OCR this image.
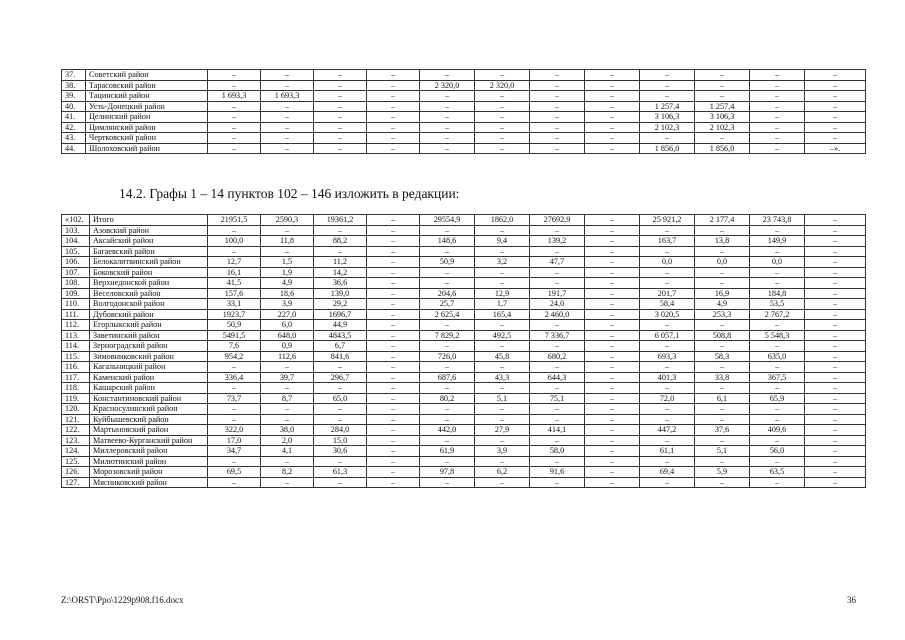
37.	Советский район	–	–	–	–	–	–	–	–	–	–	–	–
38.	Тарасовский район	–	–	–	–	2 320,0	2 320,0	–	–	–	–	–	–
39.	Тацинский район	1 693,3	1 693,3	–	–	–	–	–	–	–	–	–	–
40.	Усть-Донецкий район	–	–	–	–	–	–	–	–	1 257,4	1 257,4	–	–
41.	Целинский район	–	–	–	–	–	–	–	–	3 106,3	3 106,3	–	–
42.	Цимлянский район	–	–	–	–	–	–	–	–	2 102,3	2 102,3	–	–
43.	Чертковский район	–	–	–	–	–	–	–	–	–	–	–	–
44.	Шолоховский район	–	–	–	–	–	–	–	–	1 856,0	1 856,0	–	–».
14.2. Графы 1 – 14 пунктов 102 – 146 изложить в редакции:
«102.	Итого	21951,5	2590,3	19361,2	–	29554,9	1862,0	27692,9	–	25 921,2	2 177,4	23 743,8	–
103.	Азовский район	–	–	–	–	–	–	–	–	–	–	–	–
104.	Аксайский район	100,0	11,8	88,2	–	148,6	9,4	139,2	–	163,7	13,8	149,9	–
105.	Багаевский район	–	–	–	–	–	–	–	–	–	–	–	–
106.	Белокалитвинский район	12,7	1,5	11,2	–	50,9	3,2	47,7	–	0,0	0,0	0,0	–
107.	Боковский район	16,1	1,9	14,2	–	–	–	–	–	–	–	–	–
108.	Верхнедонской район	41,5	4,9	36,6	–	–	–	–	–	–	–	–	–
109.	Веселовский район	157,6	18,6	139,0	–	204,6	12,9	191,7	–	201,7	16,9	184,8	–
110.	Волгодонской район	33,1	3,9	29,2	–	25,7	1,7	24,0	–	58,4	4,9	53,5	–
111.	Дубовский район	1923,7	227,0	1696,7	–	2 625,4	165,4	2 460,0	–	3 020,5	253,3	2 767,2	–
112.	Егорлыкский район	50,9	6,0	44,9	–	–	–	–	–	–	–	–	–
113.	Заветинский район	5491,5	648,0	4843,5	–	7 829,2	492,5	7 336,7	–	6 057,1	508,8	5 548,3	–
114.	Зерноградский район	7,6	0,9	6,7	–	–	–	–	–	–	–	–	–
115.	Зимовниковский район	954,2	112,6	841,6	–	726,0	45,8	680,2	–	693,3	58,3	635,0	–
116.	Кагальницкий район	–	–	–	–	–	–	–	–	–	–	–	–
117.	Каменский район	336,4	39,7	296,7	–	687,6	43,3	644,3	–	401,3	33,8	367,5	–
118.	Кашарский район	–	–	–	–	–	–	–	–	–	–	–	–
119.	Константиновский район	73,7	8,7	65,0	–	80,2	5,1	75,1	–	72,0	6,1	65,9	–
120.	Красносулинский район	–	–	–	–	–	–	–	–	–	–	–	–
121.	Куйбышевский район	–	–	–	–	–	–	–	–	–	–	–	–
122.	Мартыновский район	322,0	38,0	284,0	–	442,0	27,9	414,1	–	447,2	37,6	409,6	–
123.	Матвеево-Курганский район	17,0	2,0	15,0	–	–	–	–	–	–	–	–	–
124.	Миллеровский район	34,7	4,1	30,6	–	61,9	3,9	58,0	–	61,1	5,1	56,0	–
125.	Милютинский район	–	–	–	–	–	–	–	–	–	–	–	–
126.	Морозовский район	69,5	8,2	61,3	–	97,8	6,2	91,6	–	69,4	5,9	63,5	–
127.	Мясниковский район	–	–	–	–	–	–	–	–	–	–	–	–
Z:\ORST\Ppo\1229p908.f16.docx	36
